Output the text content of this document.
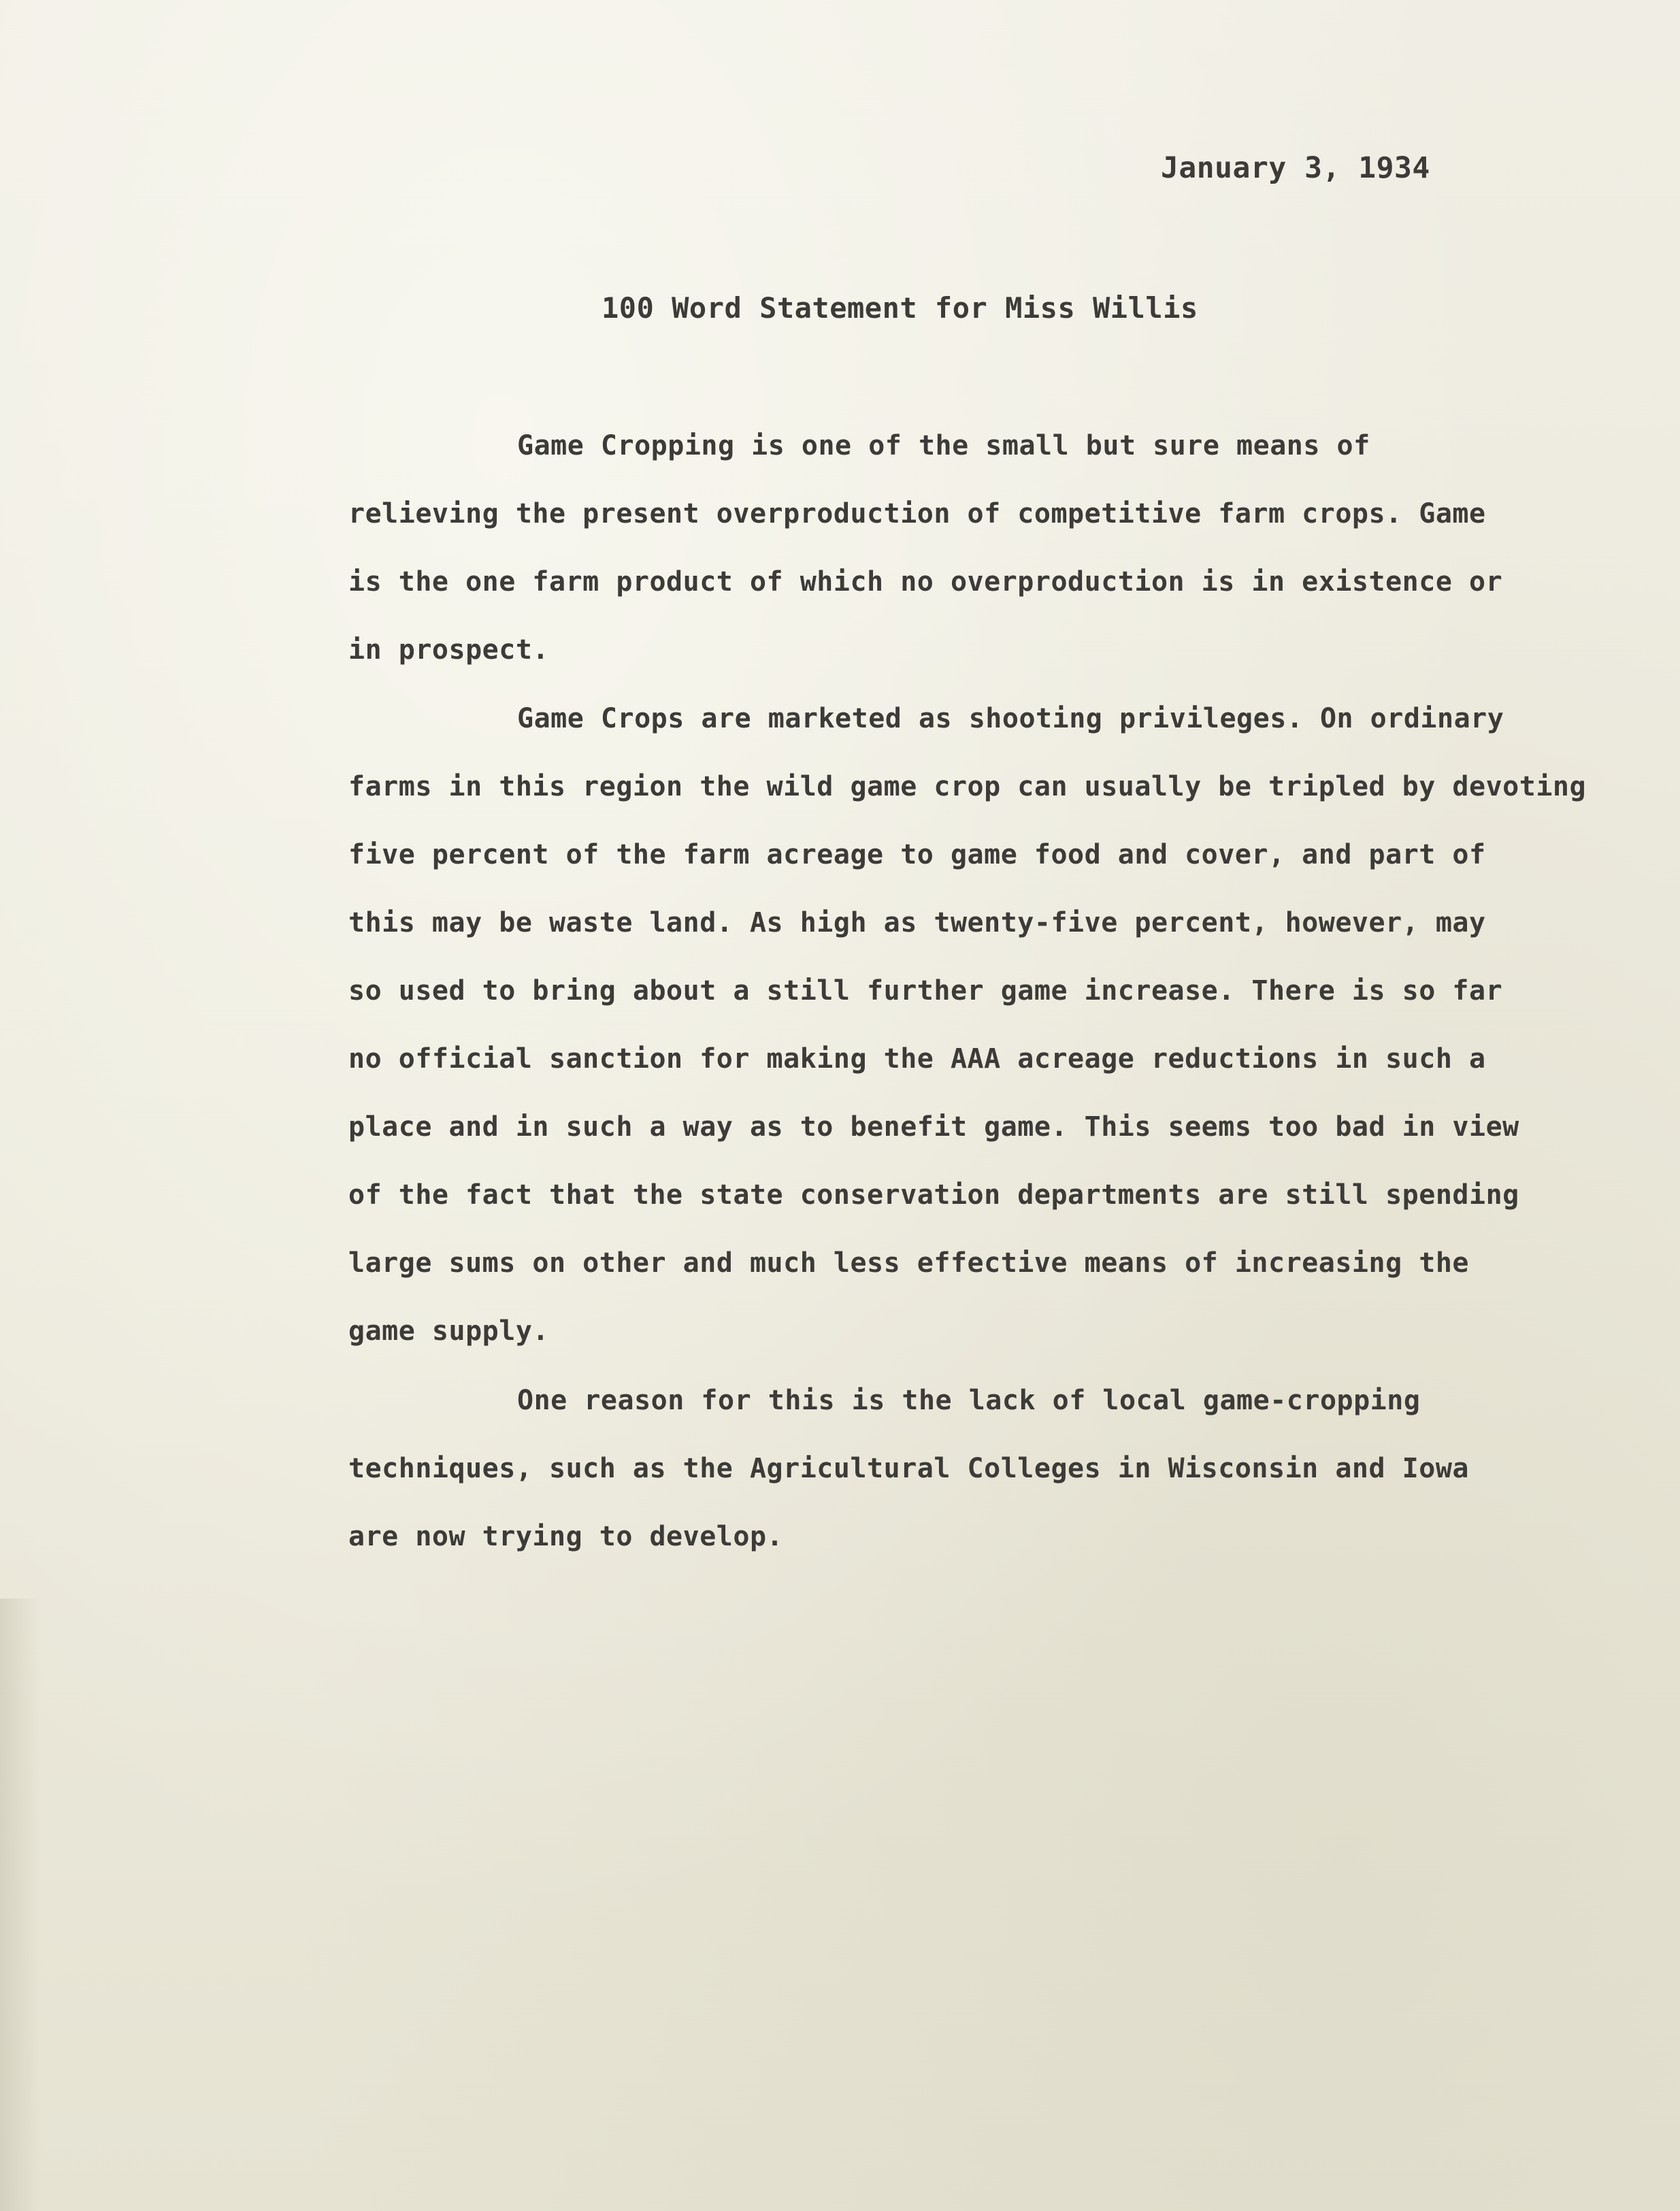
January 3, 1934
100 Word Statement for Miss Willis
Game Cropping is one of the small but sure means of
relieving the present overproduction of competitive farm crops. Game
is the one farm product of which no overproduction is in existence or
in prospect.
Game Crops are marketed as shooting privileges. On ordinary
farms in this region the wild game crop can usually be tripled by devoting
five percent of the farm acreage to game food and cover, and part of
this may be waste land. As high as twenty-five percent, however, may
so used to bring about a still further game increase. There is so far
no official sanction for making the AAA acreage reductions in such a
place and in such a way as to benefit game. This seems too bad in view
of the fact that the state conservation departments are still spending
large sums on other and much less effective means of increasing the
game supply.
One reason for this is the lack of local game-cropping
techniques, such as the Agricultural Colleges in Wisconsin and Iowa
are now trying to develop.
